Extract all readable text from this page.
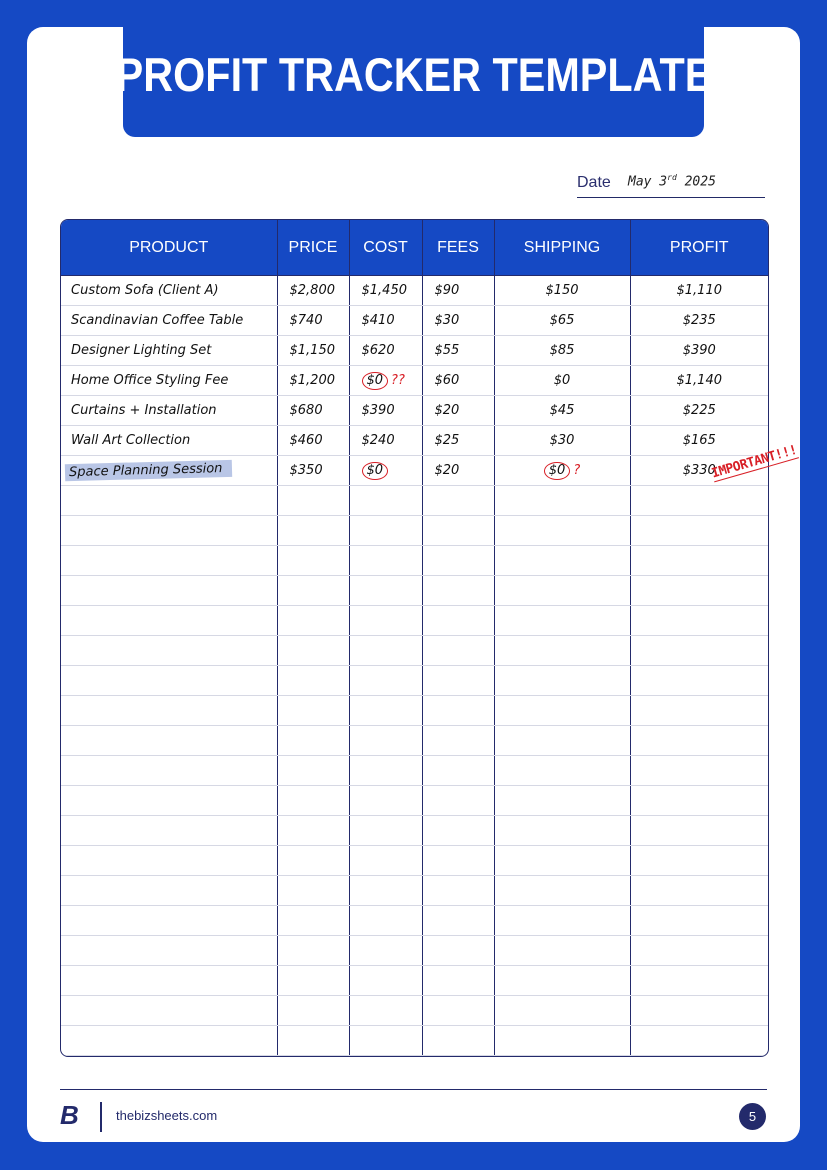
PROFIT TRACKER TEMPLATE
Date May 3rd 2025
PRODUCT	PRICE	COST	FEES	SHIPPING	PROFIT
Custom Sofa (Client A)	$2,800	$1,450	$90	$150	$1,110
Scandinavian Coffee Table	$740	$410	$30	$65	$235
Designer Lighting Set	$1,150	$620	$55	$85	$390
Home Office Styling Fee	$1,200	$0 ??	$60	$0	$1,140
Curtains + Installation	$680	$390	$20	$45	$225
Wall Art Collection	$460	$240	$25	$30	$165
Space Planning Session	$350	$0	$20	$0 ?	$330

IMPORTANT!!!
B	thebizsheets.com	5
